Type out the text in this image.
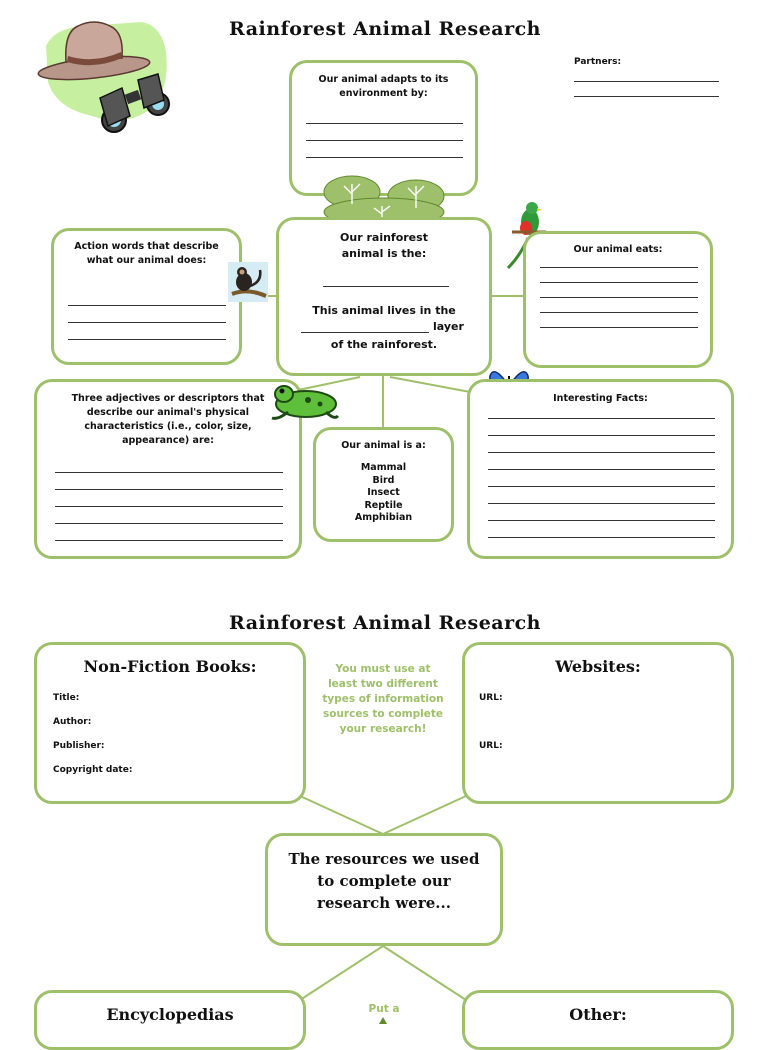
Rainforest Animal Research
Partners:
Our animal adapts to its environment by:
Action words that describe what our animal does:
Our rainforest animal is the:
This animal lives in the
layer
of the rainforest.
Our animal eats:
Three adjectives or descriptors that describe our animal's physical characteristics (i.e., color, size, appearance) are:	Our animal is a:
Mammal
Bird
Insect
Reptile
Amphibian
Interesting Facts:
Rainforest Animal Research
Non-Fiction Books:
Title:
Author:
Publisher:
Copyright date:
You must use at least two different types of information sources to complete your research!
Websites:
URL:
URL:
The resources we used to complete our research were...
Encyclopedias	Put a	Other:
